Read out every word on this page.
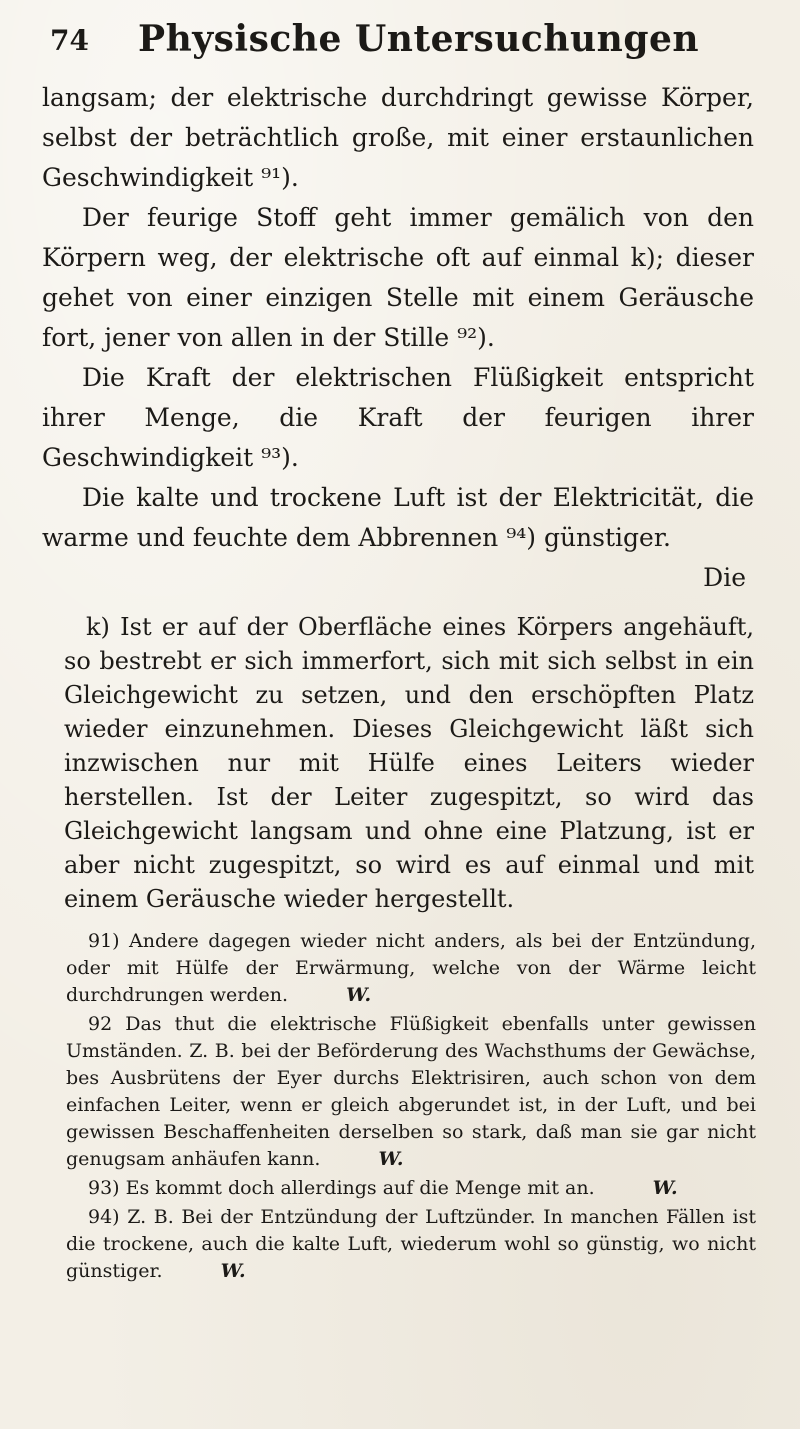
74 Physische Untersuchungen

langsam; der elektrische durchdringt gewisse Körper, selbst der beträchtlich große, mit einer erstaunlichen Geschwindigkeit ⁹¹).

Der feurige Stoff geht immer gemälich von den Körpern weg, der elektrische oft auf einmal k); dieser gehet von einer einzigen Stelle mit einem Geräusche fort, jener von allen in der Stille ⁹²).

Die Kraft der elektrischen Flüßigkeit entspricht ihrer Menge, die Kraft der feurigen ihrer Geschwindigkeit ⁹³).

Die kalte und trockene Luft ist der Elektricität, die warme und feuchte dem Abbrennen ⁹⁴) günstiger.

Die

k) Ist er auf der Oberfläche eines Körpers angehäuft, so bestrebt er sich immerfort, sich mit sich selbst in ein Gleichgewicht zu setzen, und den erschöpften Platz wieder einzunehmen. Dieses Gleichgewicht läßt sich inzwischen nur mit Hülfe eines Leiters wieder herstellen. Ist der Leiter zugespitzt, so wird das Gleichgewicht langsam und ohne eine Platzung, ist er aber nicht zugespitzt, so wird es auf einmal und mit einem Geräusche wieder hergestellt.

91) Andere dagegen wieder nicht anders, als bei der Entzündung, oder mit Hülfe der Erwärmung, welche von der Wärme leicht durchdrungen werden.	W.

92 Das thut die elektrische Flüßigkeit ebenfalls unter gewissen Umständen. Z. B. bei der Beförderung des Wachsthums der Gewächse, bes Ausbrütens der Eyer durchs Elektrisiren, auch schon von dem einfachen Leiter, wenn er gleich abgerundet ist, in der Luft, und bei gewissen Beschaffenheiten derselben so stark, daß man sie gar nicht genugsam anhäufen kann.	W.

93) Es kommt doch allerdings auf die Menge mit an.	W.

94) Z. B. Bei der Entzündung der Luftzünder. In manchen Fällen ist die trockene, auch die kalte Luft, wiederum wohl so günstig, wo nicht günstiger.	W.
